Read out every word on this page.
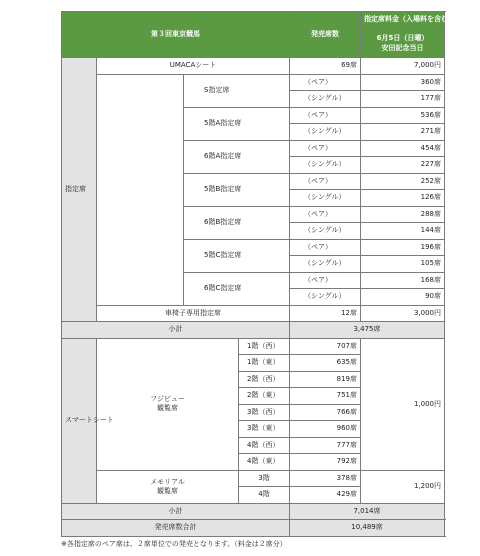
第３回東京競馬				発売席数	指定席料金（入場料を含む）	
					6月5日（日曜）
安田記念当日	
指定席	UMACAシート			69席	7,000円	
		S指定席		（ペア）	360席		
				（シングル）	177席		
		5階A指定席		（ペア）	536席		
				（シングル）	271席		
		6階A指定席		（ペア）	454席		
				（シングル）	227席		
		5階B指定席		（ペア）	252席		
				（シングル）	126席		
		6階B指定席		（ペア）	288席		
				（シングル）	144席		
		5階C指定席		（ペア）	196席		
				（シングル）	105席		
		6階C指定席		（ペア）	168席		
				（シングル）	90席		
	車椅子専用指定席			12席	3,000円	
小計				3,475席		
スマートシート	フジビュー
観覧席		1階（西）	707席	1,000円	
			1階（東）	635席		
			2階（西）	819席		
			2階（東）	751席		
			3階（西）	766席		
			3階（東）	960席		
			4階（西）	777席		
			4階（東）	792席		
	メモリアル
観覧席		3階	378席	1,200円	
			4階	429席		
小計				7,014席		
発売席数合計				10,489席		
※各指定席のペア席は、２席単位での発売となります。（料金は２席分）
